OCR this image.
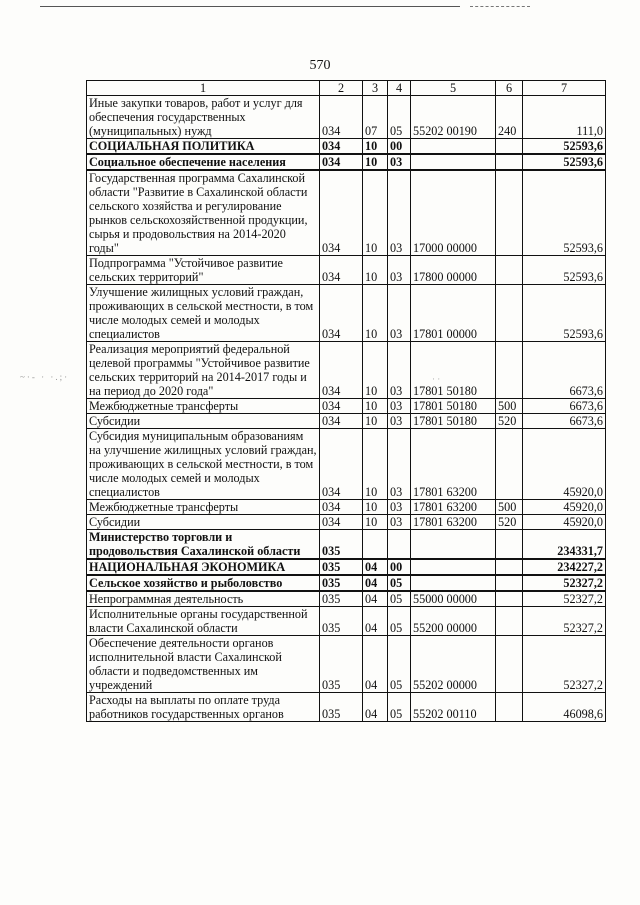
570
~·- · ·.;·	· ·
1	2	3	4	5	6	7
Иные закупки товаров, работ и услуг для обеспечения государственных (муниципальных) нужд	034	07	05	55202 00190	240	111,0
СОЦИАЛЬНАЯ ПОЛИТИКА	034	10	00			52593,6
Социальное обеспечение населения	034	10	03			52593,6
Государственная программа Сахалинской области "Развитие в Сахалинской области сельского хозяйства и регулирование рынков сельскохозяйственной продукции, сырья и продовольствия на 2014-2020 годы"	034	10	03	17000 00000		52593,6
Подпрограмма "Устойчивое развитие сельских территорий"	034	10	03	17800 00000		52593,6
Улучшение жилищных условий граждан, проживающих в сельской местности, в том числе молодых семей и молодых специалистов	034	10	03	17801 00000		52593,6
Реализация мероприятий федеральной целевой программы "Устойчивое развитие сельских территорий на 2014-2017 годы и на период до 2020 года"	034	10	03	17801 50180		6673,6
Межбюджетные трансферты	034	10	03	17801 50180	500	6673,6
Субсидии	034	10	03	17801 50180	520	6673,6
Субсидия муниципальным образованиям на улучшение жилищных условий граждан, проживающих в сельской местности, в том числе молодых семей и молодых специалистов	034	10	03	17801 63200		45920,0
Межбюджетные трансферты	034	10	03	17801 63200	500	45920,0
Субсидии	034	10	03	17801 63200	520	45920,0
Министерство торговли и продовольствия Сахалинской области	035					234331,7
НАЦИОНАЛЬНАЯ ЭКОНОМИКА	035	04	00			234227,2
Сельское хозяйство и рыболовство	035	04	05			52327,2
Непрограммная деятельность	035	04	05	55000 00000		52327,2
Исполнительные органы государственной власти Сахалинской области	035	04	05	55200 00000		52327,2
Обеспечение деятельности органов исполнительной власти Сахалинской области и подведомственных им учреждений	035	04	05	55202 00000		52327,2
Расходы на выплаты по оплате труда работников государственных органов	035	04	05	55202 00110		46098,6
